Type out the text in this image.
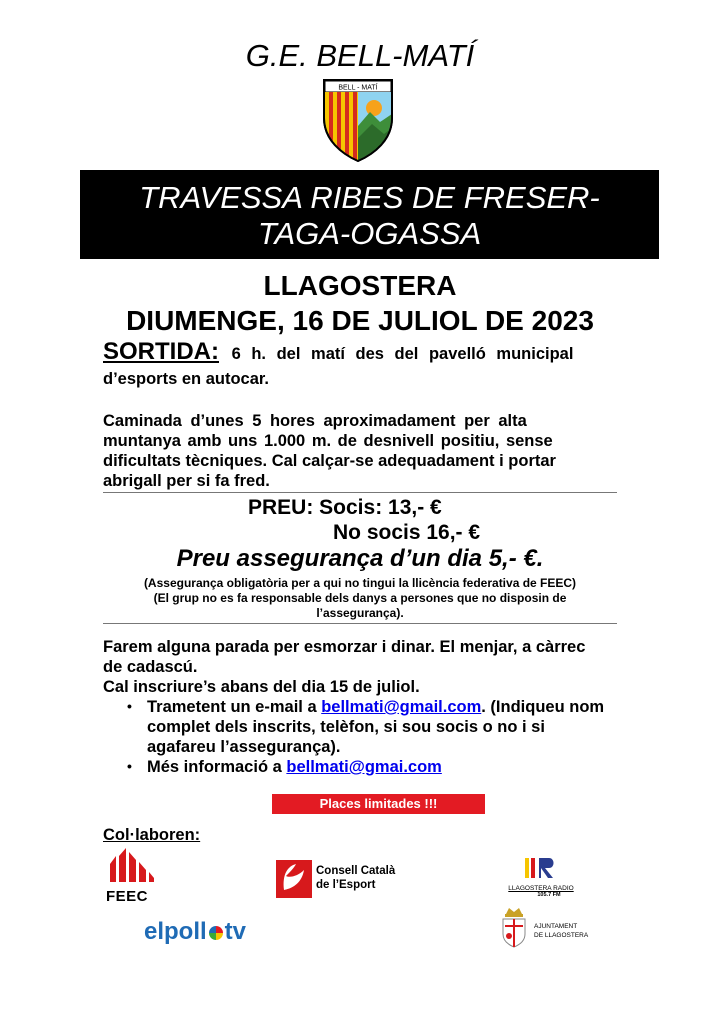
G.E. BELL-MATÍ
BELL - MATÍ
TRAVESSA RIBES DE FRESER-
TAGA-OGASSA
LLAGOSTERA
DIUMENGE, 16 DE JULIOL DE 2023
SORTIDA: 6 h. del matí des del pavelló municipal
d’esports en autocar.
Caminada d’unes 5 hores aproximadament per alta
muntanya amb uns 1.000 m. de desnivell positiu, sense
dificultats tècniques. Cal calçar-se adequadament i portar
abrigall per si fa fred.
PREU: Socis: 13,- €
No socis 16,- €
Preu assegurança d’un dia 5,- €.
(Assegurança obligatòria per a qui no tingui la llicència federativa de FEEC)
(El grup no es fa responsable dels danys a persones que no disposin de
l’assegurança).
Farem alguna parada per esmorzar i dinar. El menjar, a càrrec
de cadascú.
Cal inscriure’s abans del dia 15 de juliol.
• Trametent un e-mail a bellmati@gmail.com. (Indiqueu nom
complet dels inscrits, telèfon, si sou socis o no i si
agafareu l’assegurança).
• Més informació a bellmati@gmai.com
Places limitades !!!
Col·laboren:
FEEC
Consell Català
de l’Esport	LLAGOSTERA RADIO
105.7 FM
AJUNTAMENT
DE LLAGOSTERA
elpoll tv
